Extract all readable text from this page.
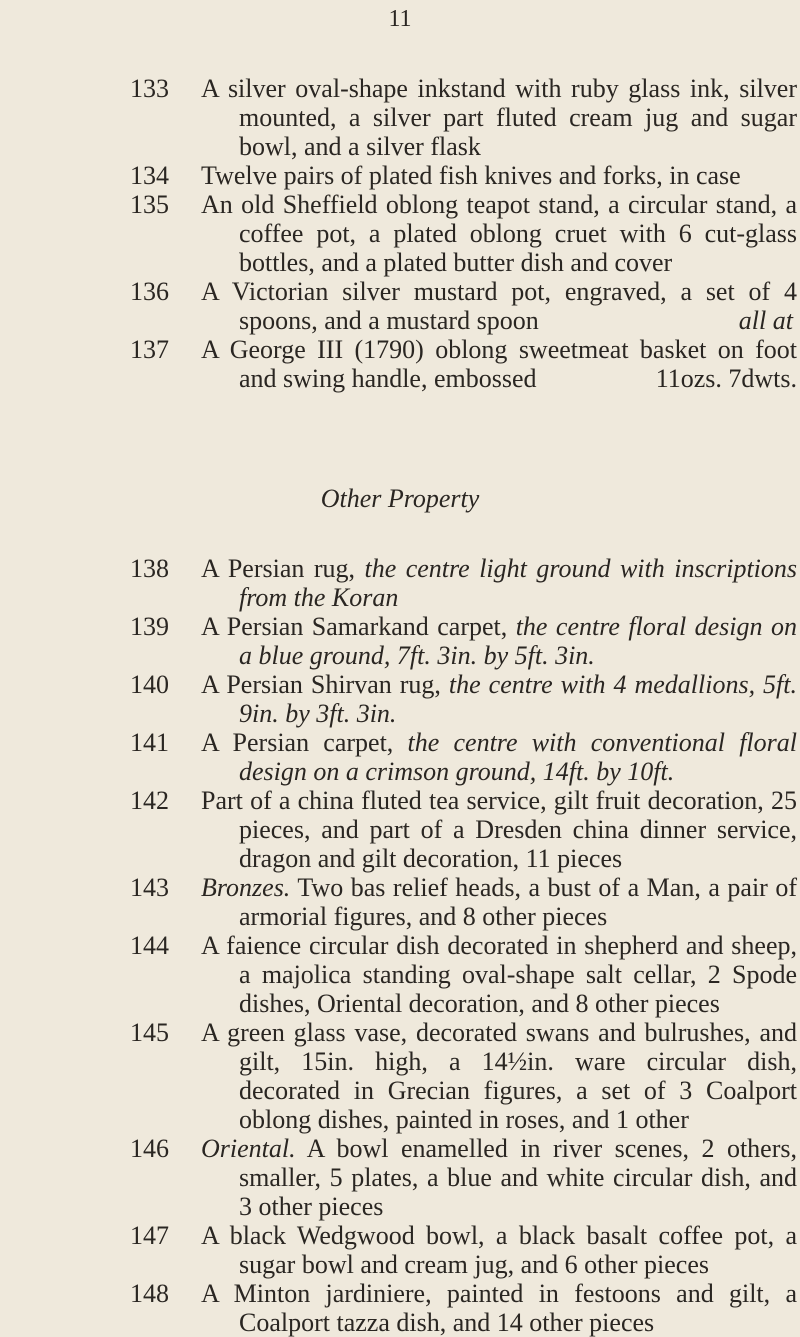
11
133 A silver oval-shape inkstand with ruby glass ink, silver mounted, a silver part fluted cream jug and sugar bowl, and a silver flask
134 Twelve pairs of plated fish knives and forks, in case
135 An old Sheffield oblong teapot stand, a circular stand, a coffee pot, a plated oblong cruet with 6 cut-glass bottles, and a plated butter dish and cover
136 A Victorian silver mustard pot, engraved, a set of 4 spoons, and a mustard spoon	all at
137 A George III (1790) oblong sweetmeat basket on foot and swing handle, embossed	11ozs. 7dwts.
Other Property
138 A Persian rug, the centre light ground with inscriptions from the Koran
139 A Persian Samarkand carpet, the centre floral design on a blue ground, 7ft. 3in. by 5ft. 3in.
140 A Persian Shirvan rug, the centre with 4 medallions, 5ft. 9in. by 3ft. 3in.
141 A Persian carpet, the centre with conventional floral design on a crimson ground, 14ft. by 10ft.
142 Part of a china fluted tea service, gilt fruit decoration, 25 pieces, and part of a Dresden china dinner service, dragon and gilt decoration, 11 pieces
143 Bronzes. Two bas relief heads, a bust of a Man, a pair of armorial figures, and 8 other pieces
144 A faience circular dish decorated in shepherd and sheep, a majolica standing oval-shape salt cellar, 2 Spode dishes, Oriental decoration, and 8 other pieces
145 A green glass vase, decorated swans and bulrushes, and gilt, 15in. high, a 14½in. ware circular dish, decorated in Grecian figures, a set of 3 Coalport oblong dishes, painted in roses, and 1 other
146 Oriental. A bowl enamelled in river scenes, 2 others, smaller, 5 plates, a blue and white circular dish, and 3 other pieces
147 A black Wedgwood bowl, a black basalt coffee pot, a sugar bowl and cream jug, and 6 other pieces
148 A Minton jardiniere, painted in festoons and gilt, a Coalport tazza dish, and 14 other pieces
